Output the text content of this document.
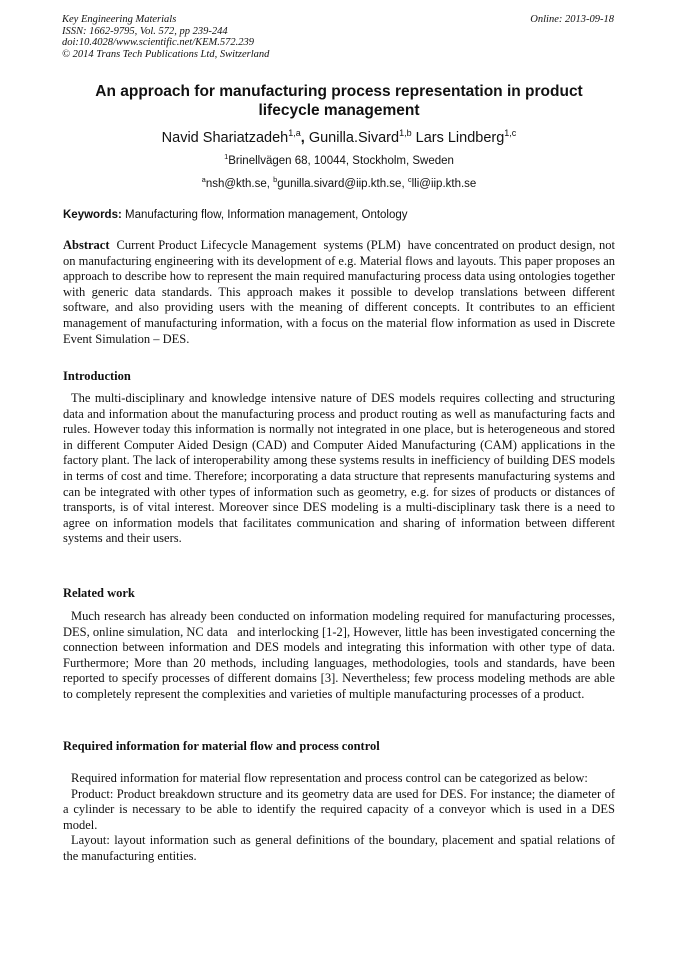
Key Engineering Materials
ISSN: 1662-9795, Vol. 572, pp 239-244
doi:10.4028/www.scientific.net/KEM.572.239
© 2014 Trans Tech Publications Ltd, Switzerland
Online: 2013-09-18
An approach for manufacturing process representation in product lifecycle management
Navid Shariatzadeh$^{1,a}$, Gunilla.Sivard$^{1,b}$ Lars Lindberg$^{1,c}$
$^1$Brinellvägen 68, 10044, Stockholm, Sweden
$^a$nsh@kth.se, $^b$gunilla.sivard@iip.kth.se, $^c$lli@iip.kth.se
Keywords: Manufacturing flow, Information management, Ontology

Abstract  Current Product Lifecycle Management  systems (PLM)  have concentrated on product design, not on manufacturing engineering with its development of e.g. Material flows and layouts. This paper proposes an approach to describe how to represent the main required manufacturing process data using ontologies together with generic data standards. This approach makes it possible to develop translations between different software, and also providing users with the meaning of different concepts. It contributes to an efficient management of manufacturing information, with a focus on the material flow information as used in Discrete Event Simulation – DES.

Introduction

The multi-disciplinary and knowledge intensive nature of DES models requires collecting and structuring data and information about the manufacturing process and product routing as well as manufacturing facts and rules. However today this information is normally not integrated in one place, but is heterogeneous and stored in different Computer Aided Design (CAD) and Computer Aided Manufacturing (CAM) applications in the factory plant. The lack of interoperability among these systems results in inefficiency of building DES models in terms of cost and time. Therefore; incorporating a data structure that represents manufacturing systems and can be integrated with other types of information such as geometry, e.g. for sizes of products or distances of transports, is of vital interest. Moreover since DES modeling is a multi-disciplinary task there is a need to agree on information models that facilitates communication and sharing of information between different systems and their users.

Related work

Much research has already been conducted on information modeling required for manufacturing processes, DES, online simulation, NC data   and interlocking [1-2], However, little has been investigated concerning the connection between information and DES models and integrating this information with other type of data. Furthermore; More than 20 methods, including languages, methodologies, tools and standards, have been reported to specify processes of different domains [3]. Nevertheless; few process modeling methods are able to completely represent the complexities and varieties of multiple manufacturing processes of a product.

Required information for material flow and process control

Required information for material flow representation and process control can be categorized as below:

Product: Product breakdown structure and its geometry data are used for DES. For instance; the diameter of a cylinder is necessary to be able to identify the required capacity of a conveyor which is used in a DES model.

Layout: layout information such as general definitions of the boundary, placement and spatial relations of the manufacturing entities.
